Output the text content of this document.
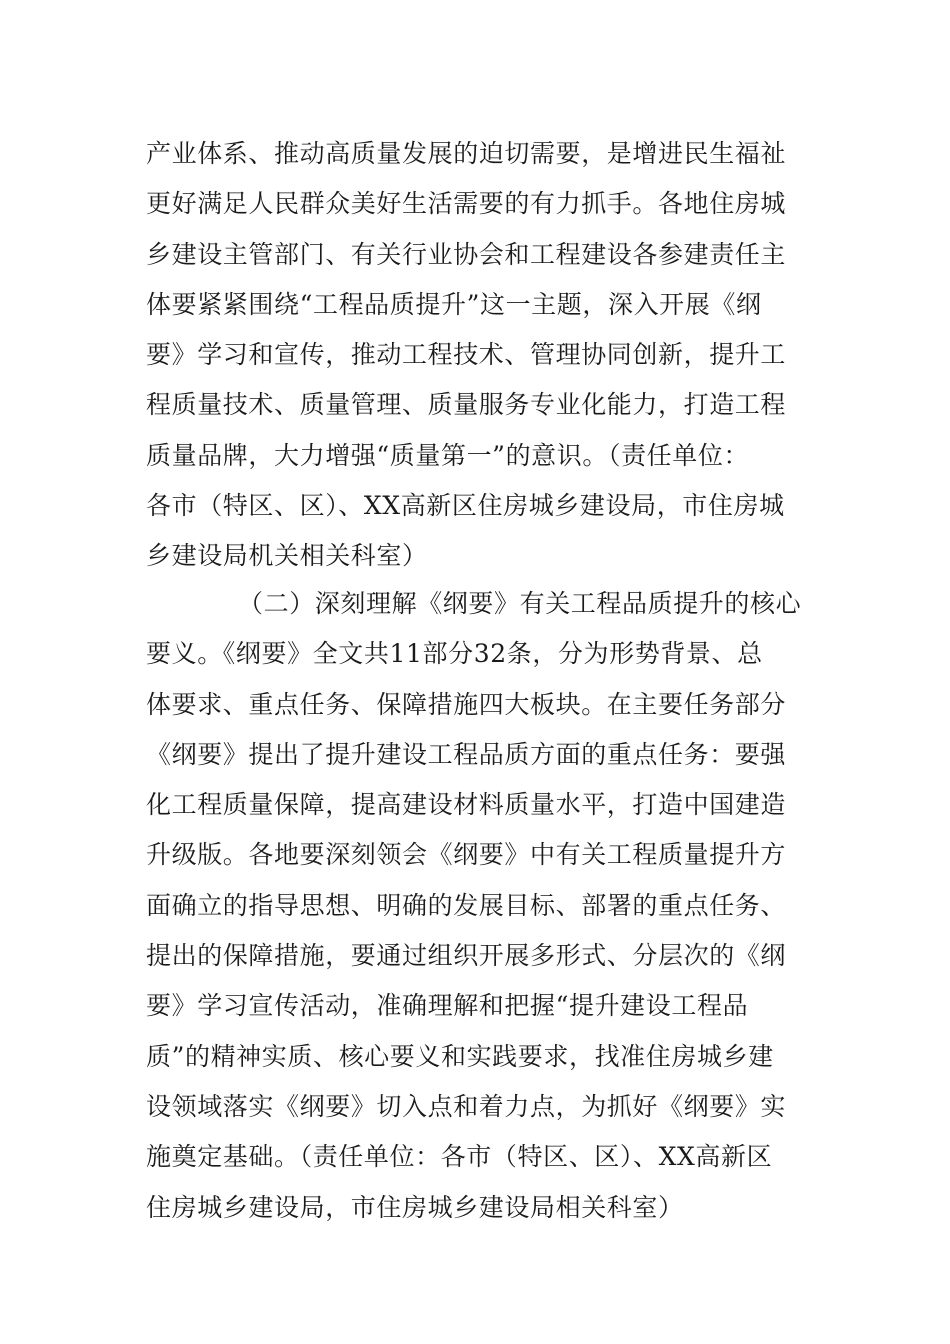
产业体系、推动高质量发展的迫切需要，是增进民生福祉
更好满足人民群众美好生活需要的有力抓手。各地住房城
乡建设主管部门、有关行业协会和工程建设各参建责任主
体要紧紧围绕“工程品质提升”这一主题，深入开展《纲
要》学习和宣传，推动工程技术、管理协同创新，提升工
程质量技术、质量管理、质量服务专业化能力，打造工程
质量品牌，大力增强“质量第一”的意识。（责任单位：
各市（特区、区）、XX高新区住房城乡建设局，市住房城
乡建设局机关相关科室）
（二）深刻理解《纲要》有关工程品质提升的核心
要义。《纲要》全文共11部分32条，分为形势背景、总
体要求、重点任务、保障措施四大板块。在主要任务部分
《纲要》提出了提升建设工程品质方面的重点任务：要强
化工程质量保障，提高建设材料质量水平，打造中国建造
升级版。各地要深刻领会《纲要》中有关工程质量提升方
面确立的指导思想、明确的发展目标、部署的重点任务、
提出的保障措施，要通过组织开展多形式、分层次的《纲
要》学习宣传活动，准确理解和把握“提升建设工程品
质”的精神实质、核心要义和实践要求，找准住房城乡建
设领域落实《纲要》切入点和着力点，为抓好《纲要》实
施奠定基础。（责任单位：各市（特区、区）、XX高新区
住房城乡建设局，市住房城乡建设局相关科室）
